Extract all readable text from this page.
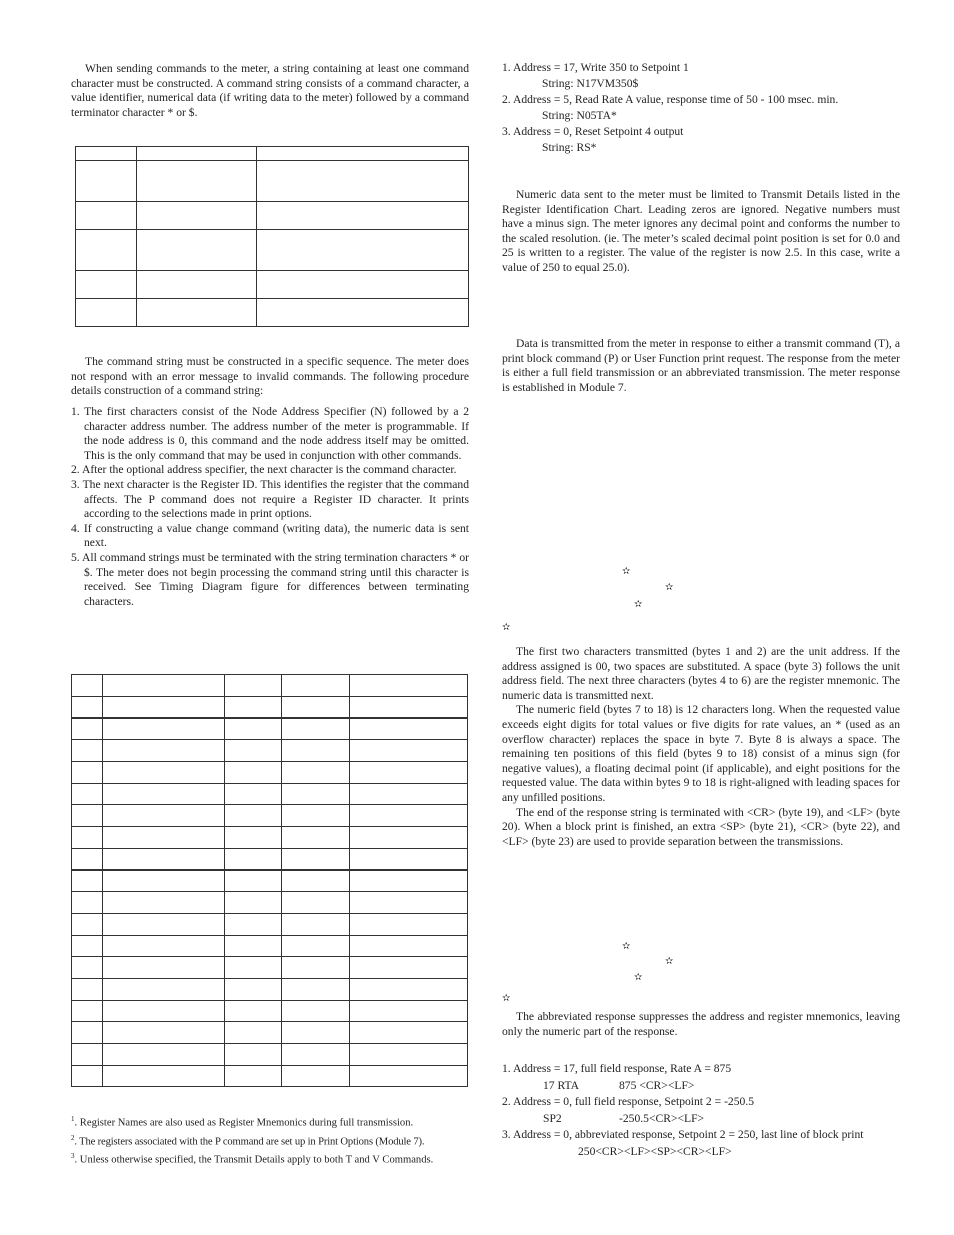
When sending commands to the meter, a string containing at least one command character must be constructed. A command string consists of a command character, a value identifier, numerical data (if writing data to the meter) followed by a command terminator character * or $.

The command string must be constructed in a specific sequence. The meter does not respond with an error message to invalid commands. The following procedure details construction of a command string:

1. The first characters consist of the Node Address Specifier (N) followed by a 2 character address number. The address number of the meter is programmable. If the node address is 0, this command and the node address itself may be omitted. This is the only command that may be used in conjunction with other commands.
2. After the optional address specifier, the next character is the command character.
3. The next character is the Register ID. This identifies the register that the command affects. The P command does not require a Register ID character. It prints according to the selections made in print options.
4. If constructing a value change command (writing data), the numeric data is sent next.
5. All command strings must be terminated with the string termination characters * or $. The meter does not begin processing the command string until this character is received. See Timing Diagram figure for differences between terminating characters.

$^1$. Register Names are also used as Register Mnemonics during full transmission.
$^2$. The registers associated with the P command are set up in Print Options (Module 7).
$^3$. Unless otherwise specified, the Transmit Details apply to both T and V Commands.
1. Address = 17, Write 350 to Setpoint 1
String: N17VM350$
2. Address = 5, Read Rate A value, response time of 50 - 100 msec. min.
String: N05TA*
3. Address = 0, Reset Setpoint 4 output
String: RS*

Numeric data sent to the meter must be limited to Transmit Details listed in the Register Identification Chart. Leading zeros are ignored. Negative numbers must have a minus sign. The meter ignores any decimal point and conforms the number to the scaled resolution. (ie. The meter’s scaled decimal point position is set for 0.0 and 25 is written to a register. The value of the register is now 2.5. In this case, write a value of 250 to equal 25.0).

Data is transmitted from the meter in response to either a transmit command (T), a print block command (P) or User Function print request. The response from the meter is either a full field transmission or an abbreviated transmission. The meter response is established in Module 7.

✫
✫
✫
✫

The first two characters transmitted (bytes 1 and 2) are the unit address. If the address assigned is 00, two spaces are substituted. A space (byte 3) follows the unit address field. The next three characters (bytes 4 to 6) are the register mnemonic. The numeric data is transmitted next.

The numeric field (bytes 7 to 18) is 12 characters long. When the requested value exceeds eight digits for total values or five digits for rate values, an * (used as an overflow character) replaces the space in byte 7. Byte 8 is always a space. The remaining ten positions of this field (bytes 9 to 18) consist of a minus sign (for negative values), a floating decimal point (if applicable), and eight positions for the requested value. The data within bytes 9 to 18 is right-aligned with leading spaces for any unfilled positions.

The end of the response string is terminated with <CR> (byte 19), and <LF> (byte 20). When a block print is finished, an extra <SP> (byte 21), <CR> (byte 22), and <LF> (byte 23) are used to provide separation between the transmissions.

✫
✫
✫
✫

The abbreviated response suppresses the address and register mnemonics, leaving only the numeric part of the response.

1. Address = 17, full field response, Rate A = 875
17 RTA	875 <CR><LF>
2. Address = 0, full field response, Setpoint 2 = -250.5
SP2	-250.5<CR><LF>
3. Address = 0, abbreviated response, Setpoint 2 = 250, last line of block print
250<CR><LF><SP><CR><LF>
